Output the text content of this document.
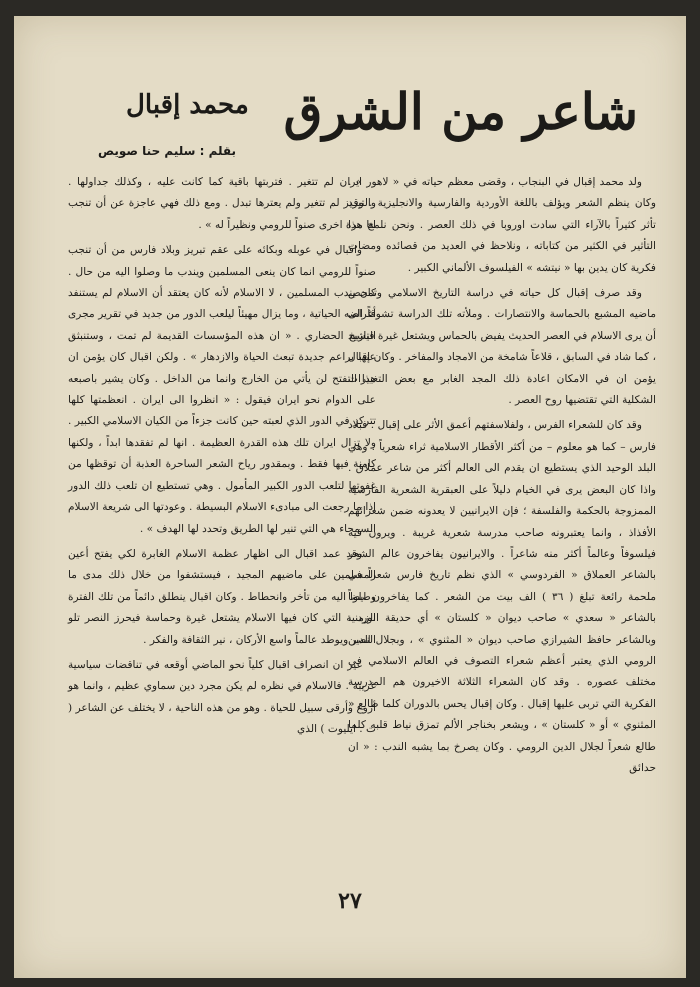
شاعر من الشرق
محمد إقبال
بقلم : سليم حنا صويص

ولد محمد إقبال في البنجاب ، وقضى معظم حياته في « لاهور » . وكان ينظم الشعر ويؤلف باللغة الأوردية والفارسية والانجليزية . وقد تأثر كثيراً بالآراء التي سادت اوروبا في ذلك العصر . ونحن نلمح هذا التأثير في الكثير من كتاباته ، ونلاحظ في العديد من قصائده ومضات فكرية كان يدين بها « نيتشه » الفيلسوف الألماني الكبير .

وقد صرف إقبال كل حياته في دراسة التاريخ الاسلامي وتمحص ماضيه المشبع بالحماسة والانتصارات . وملأته تلك الدراسة تشوقاً الى أن يرى الاسلام في العصر الحديث يفيض بالحماس ويشتعل غيرة فيشيد ، كما شاد في السابق ، قلاعاً شامخة من الامجاد والمفاخر . وكان إقبال يؤمن ان في الامكان اعادة ذلك المجد الغابر مع بعض التغييرات الشكلية التي تقتضيها روح العصر .

وقد كان للشعراء الفرس ، ولفلاسفتهم أعمق الأثر على إقبال . فبلاد فارس – كما هو معلوم – من أكثر الأقطار الاسلامية ثراء شعرياً . وهي البلد الوحيد الذي يستطيع ان يقدم الى العالم أكثر من شاعر عملاق . واذا كان البعض يرى في الخيام دليلاً على العبقرية الشعرية الفارسية الممزوجة بالحكمة والفلسفة ؛ فإن الايرانيين لا يعدونه ضمن شعرائهم الأفذاذ ، وانما يعتبرونه صاحب مدرسة شعرية غريبة . ويرون فيه فيلسوفاً وعالماً أكثر منه شاعراً . والايرانيون يفاخرون عالم الشعر بالشاعر العملاق « الفردوسي » الذي نظم تاريخ فارس شعراً في ملحمة رائعة تبلغ ( ٣٦ ) الف بيت من الشعر . كما يفاخرون ايضاً بالشاعر « سعدي » صاحب ديوان « كلستان » أي حديقة الورد ، وبالشاعر حافظ الشيرازي صاحب ديوان « المثنوي » ، وبجلال الدين الرومي الذي يعتبر أعظم شعراء التصوف في العالم الاسلامي في مختلف عصوره . وقد كان الشعراء الثلاثة الاخيرون هم المدرسة الفكرية التي تربى عليها إقبال . وكان إقبال يحس بالدوران كلما طالع « المثنوي » أو « كلستان » ، ويشعر بخناجر الألم تمزق نياط قلبه كلما طالع شعراً لجلال الدين الرومي . وكان يصرخ بما يشبه الندب : « ان حدائق

ايران لم تتغير . فتربتها باقية كما كانت عليه ، وكذلك جداولها . والتبريز لم تتغير ولم يعترها تبدل . ومع ذلك فهي عاجزة عن أن تنجب لنا مرة اخرى صنواً للرومي ونظيراً له » .

واقبال في عوبله وبكائه على عقم تبريز وبلاد فارس من أن تنجب صنواً للرومي انما كان ينعى المسلمين ويندب ما وصلوا اليه من حال . كان يندب المسلمين ، لا الاسلام لأنه كان يعتقد أن الاسلام لم يستنفد أغراضه الحياتية ، وما يزال مهيئاً ليلعب الدور من جديد في تقرير مجرى التاريخ الحضاري . « ان هذه المؤسسات القديمة لم تمت ، وستنبثق عنها براعم جديدة تبعث الحياة والازدهار » . ولكن اقبال كان يؤمن ان هذا التفتح لن يأتي من الخارج وانما من الداخل . وكان يشير باصبعه على الدوام نحو ايران فيقول : « انظروا الى ايران . انعظمتها كلها تتركز في الدور الذي لعبته حين كانت جزءاً من الكيان الاسلامي الكبير . ولا تزال ايران تلك هذه القدرة العظيمة . انها لم تفقدها ابداً ، ولكنها كامنة فيها فقط . وبمقدور رياح الشعر الساحرة العذبة أن توقظها من غفوتها لتلعب الدور الكبير المأمول . وهي تستطيع ان تلعب ذلك الدور اذا ما رجعت الى مبادىء الاسلام البسيطة . وعودتها الى شريعة الاسلام السمحاء هي التي تنير لها الطريق وتحدد لها الهدف » .

وقد عمد اقبال الى اظهار عظمة الاسلام الغابرة لكي يفتح أعين المسلمين على ماضيهم المجيد ، فيستشفوا من خلال ذلك مدى ما وصلوا اليه من تأخر وانحطاط . وكان اقبال ينطلق دائماً من تلك الفترة الزمنية التي كان فيها الاسلام يشتعل غيرة وحماسة فيحرز النصر تلو النصر ويوطد عالماً واسع الأركان ، نير الثقافة والفكر .

غير ان انصراف اقبال كلياً نحو الماضي أوقعه في تناقضات سياسية غريبة . فالاسلام في نظره لم يكن مجرد دين سماوي عظيم ، وانما هو أروع وأرقى سبيل للحياة . وهو من هذه الناحية ، لا يختلف عن الشاعر ( ت . ايليوت ) الذي

٢٧
